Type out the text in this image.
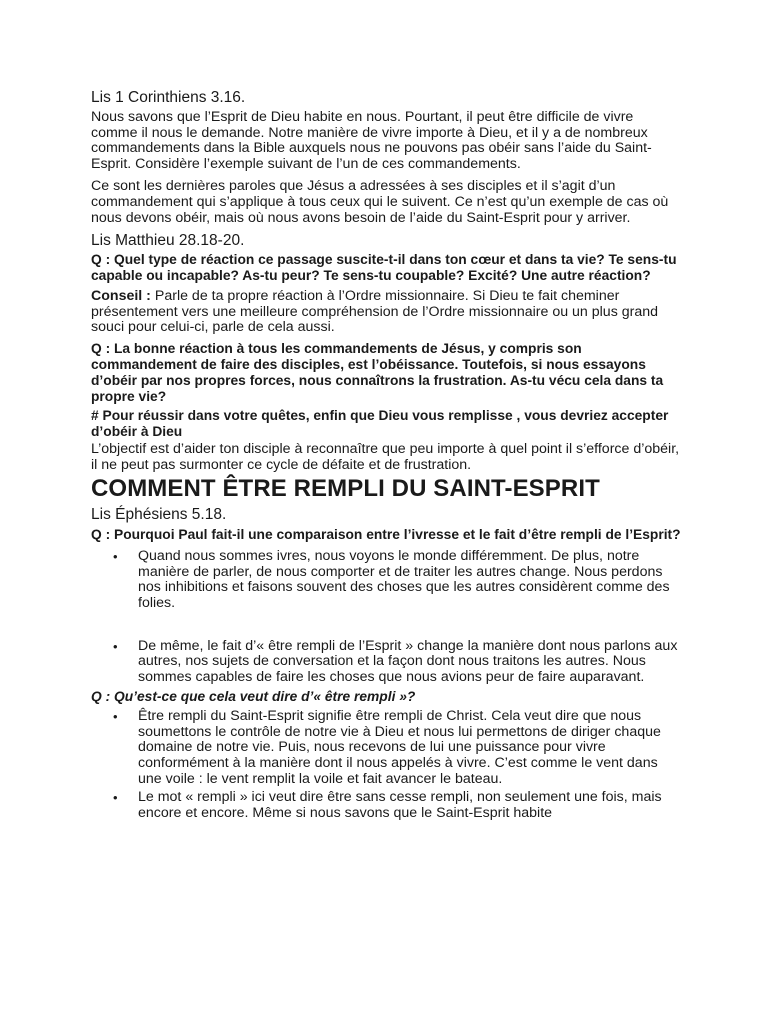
Lis 1 Corinthiens 3.16.

Nous savons que l’Esprit de Dieu habite en nous. Pourtant, il peut être difficile de vivre comme il nous le demande. Notre manière de vivre importe à Dieu, et il y a de nombreux commandements dans la Bible auxquels nous ne pouvons pas obéir sans l’aide du Saint-Esprit. Considère l’exemple suivant de l’un de ces commandements.

Ce sont les dernières paroles que Jésus a adressées à ses disciples et il s’agit d’un commandement qui s’applique à tous ceux qui le suivent. Ce n’est qu’un exemple de cas où nous devons obéir, mais où nous avons besoin de l’aide du Saint-Esprit pour y arriver.

Lis Matthieu 28.18-20.

Q : Quel type de réaction ce passage suscite-t-il dans ton cœur et dans ta vie? Te sens-tu capable ou incapable? As-tu peur? Te sens-tu coupable? Excité? Une autre réaction?

Conseil : Parle de ta propre réaction à l’Ordre missionnaire. Si Dieu te fait cheminer présentement vers une meilleure compréhension de l’Ordre missionnaire ou un plus grand souci pour celui-ci, parle de cela aussi.

Q : La bonne réaction à tous les commandements de Jésus, y compris son commandement de faire des disciples, est l’obéissance. Toutefois, si nous essayons d’obéir par nos propres forces, nous connaîtrons la frustration. As-tu vécu cela dans ta propre vie?

# Pour réussir dans votre quêtes, enfin que Dieu vous remplisse , vous devriez accepter d’obéir à Dieu

L’objectif est d’aider ton disciple à reconnaître que peu importe à quel point il s’efforce d’obéir, il ne peut pas surmonter ce cycle de défaite et de frustration.

COMMENT ÊTRE REMPLI DU SAINT-ESPRIT

Lis Éphésiens 5.18.

Q : Pourquoi Paul fait-il une comparaison entre l’ivresse et le fait d’être rempli de l’Esprit?

• Quand nous sommes ivres, nous voyons le monde différemment. De plus, notre manière de parler, de nous comporter et de traiter les autres change. Nous perdons nos inhibitions et faisons souvent des choses que les autres considèrent comme des folies.
• De même, le fait d’« être rempli de l’Esprit » change la manière dont nous parlons aux autres, nos sujets de conversation et la façon dont nous traitons les autres. Nous sommes capables de faire les choses que nous avions peur de faire auparavant.

Q : Qu’est-ce que cela veut dire d’« être rempli »?

• Être rempli du Saint-Esprit signifie être rempli de Christ. Cela veut dire que nous soumettons le contrôle de notre vie à Dieu et nous lui permettons de diriger chaque domaine de notre vie. Puis, nous recevons de lui une puissance pour vivre conformément à la manière dont il nous appelés à vivre. C’est comme le vent dans une voile : le vent remplit la voile et fait avancer le bateau.
• Le mot « rempli » ici veut dire être sans cesse rempli, non seulement une fois, mais encore et encore. Même si nous savons que le Saint-Esprit habite
